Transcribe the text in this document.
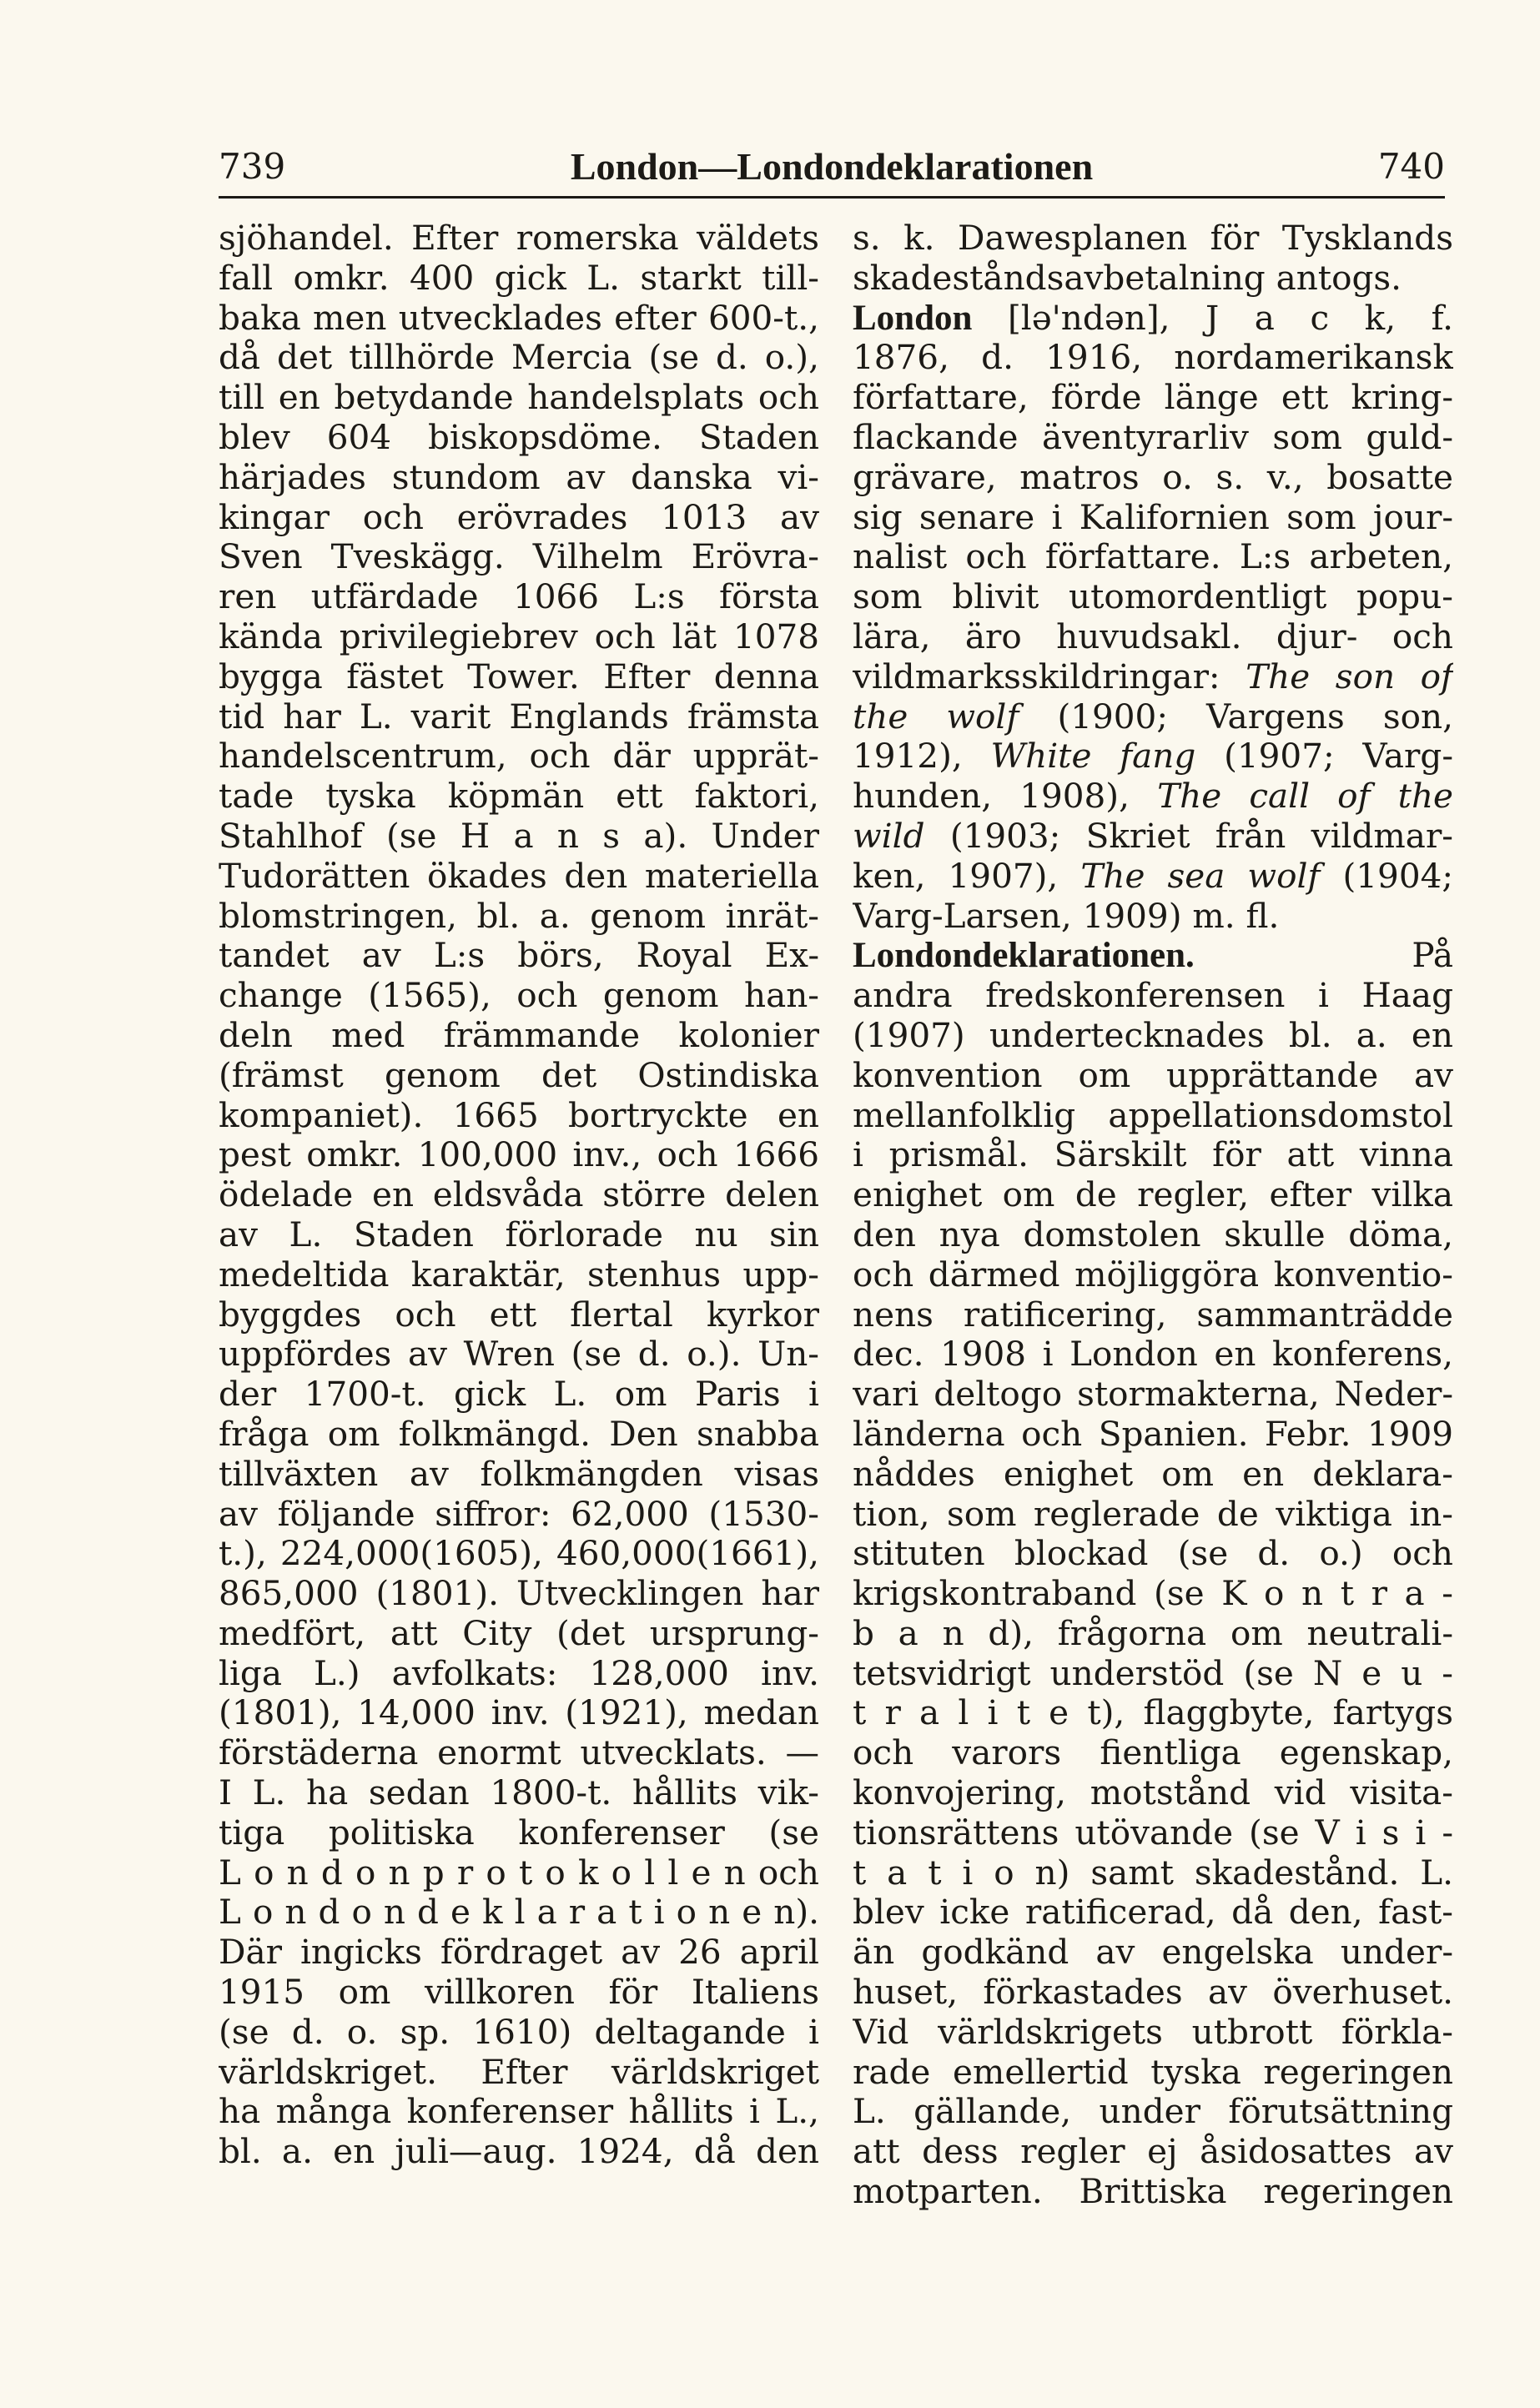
739	London—Londondeklarationen	740
sjöhandel. Efter romerska väldets
fall omkr. 400 gick L. starkt till-
baka men utvecklades efter 600-t.,
då det tillhörde Mercia (se d. o.),
till en betydande handelsplats och
blev 604 biskopsdöme. Staden
härjades stundom av danska vi-
kingar och erövrades 1013 av
Sven Tveskägg. Vilhelm Erövra-
ren utfärdade 1066 L:s första
kända privilegiebrev och lät 1078
bygga fästet Tower. Efter denna
tid har L. varit Englands främsta
handelscentrum, och där upprät-
tade tyska köpmän ett faktori,
Stahlhof (se H a n s a). Under
Tudorätten ökades den materiella
blomstringen, bl. a. genom inrät-
tandet av L:s börs, Royal Ex-
change (1565), och genom han-
deln med främmande kolonier
(främst genom det Ostindiska
kompaniet). 1665 bortryckte en
pest omkr. 100,000 inv., och 1666
ödelade en eldsvåda större delen
av L. Staden förlorade nu sin
medeltida karaktär, stenhus upp-
byggdes och ett flertal kyrkor
uppfördes av Wren (se d. o.). Un-
der 1700-t. gick L. om Paris i
fråga om folkmängd. Den snabba
tillväxten av folkmängden visas
av följande siffror: 62,000 (1530-
t.), 224,000(1605), 460,000(1661),
865,000 (1801). Utvecklingen har
medfört, att City (det ursprung-
liga L.) avfolkats: 128,000 inv.
(1801), 14,000 inv. (1921), medan
förstäderna enormt utvecklats. —
I L. ha sedan 1800-t. hållits vik-
tiga politiska konferenser (se
L o n d o n p r o t o k o l l e n och
L o n d o n d e k l a r a t i o n e n).
Där ingicks fördraget av 26 april
1915 om villkoren för Italiens
(se d. o. sp. 1610) deltagande i
världskriget. Efter världskriget
ha många konferenser hållits i L.,
bl. a. en juli—aug. 1924, då den
s. k. Dawesplanen för Tysklands
skadeståndsavbetalning antogs.
London [lə'ndən], J a c k, f.
1876, d. 1916, nordamerikansk
författare, förde länge ett kring-
flackande äventyrarliv som guld-
grävare, matros o. s. v., bosatte
sig senare i Kalifornien som jour-
nalist och författare. L:s arbeten,
som blivit utomordentligt popu-
lära, äro huvudsakl. djur- och
vildmarksskildringar: The son of
the wolf (1900; Vargens son,
1912), White fang (1907; Varg-
hunden, 1908), The call of the
wild (1903; Skriet från vildmar-
ken, 1907), The sea wolf (1904;
Varg-Larsen, 1909) m. fl.
Londondeklarationen.	På
andra fredskonferensen i Haag
(1907) undertecknades bl. a. en
konvention om upprättande av
mellanfolklig appellationsdomstol
i prismål. Särskilt för att vinna
enighet om de regler, efter vilka
den nya domstolen skulle döma,
och därmed möjliggöra konventio-
nens ratificering, sammanträdde
dec. 1908 i London en konferens,
vari deltogo stormakterna, Neder-
länderna och Spanien. Febr. 1909
nåddes enighet om en deklara-
tion, som reglerade de viktiga in-
stituten blockad (se d. o.) och
krigskontraband (se K o n t r a -
b a n d), frågorna om neutrali-
tetsvidrigt understöd (se N e u -
t r a l i t e t), flaggbyte, fartygs
och varors fientliga egenskap,
konvojering, motstånd vid visita-
tionsrättens utövande (se V i s i -
t a t i o n) samt skadestånd. L.
blev icke ratificerad, då den, fast-
än godkänd av engelska under-
huset, förkastades av överhuset.
Vid världskrigets utbrott förkla-
rade emellertid tyska regeringen
L. gällande, under förutsättning
att dess regler ej åsidosattes av
motparten. Brittiska regeringen
